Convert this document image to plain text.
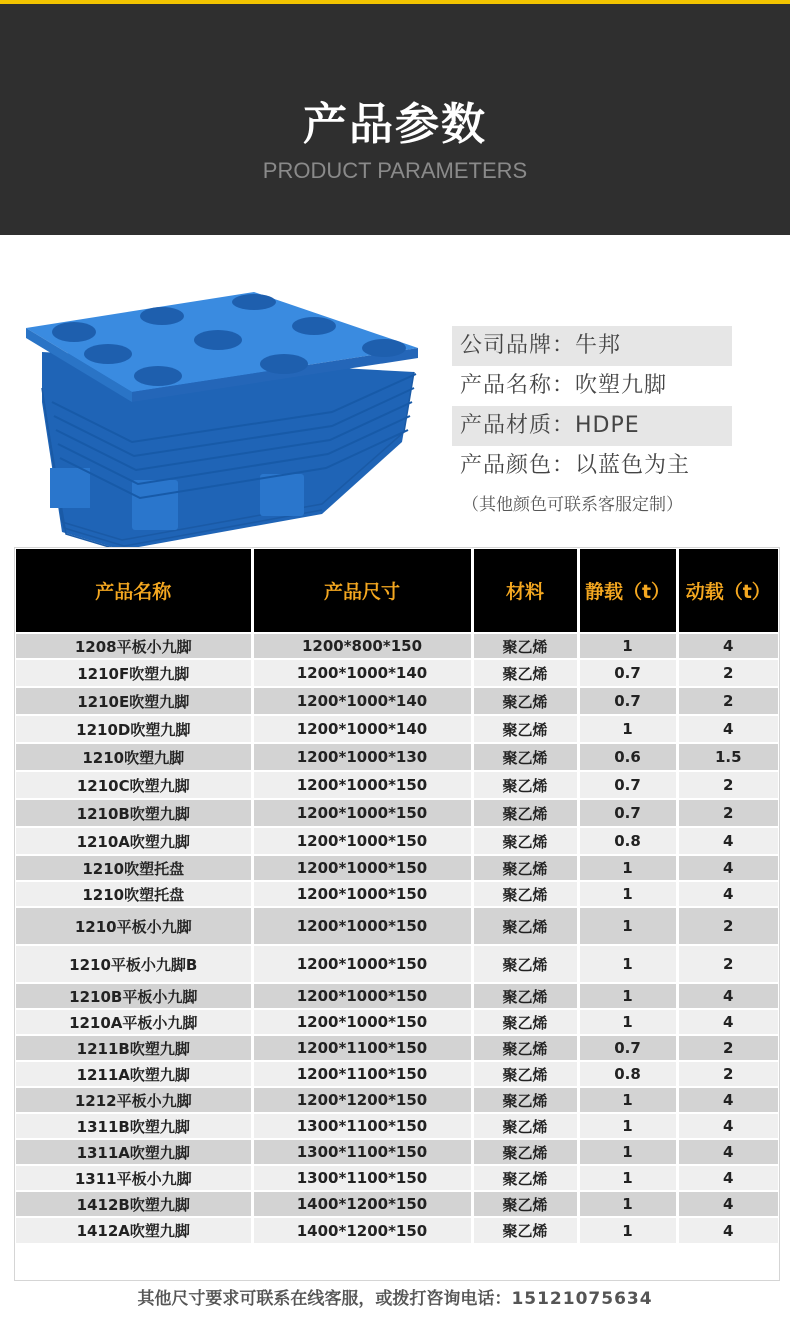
产品参数
PRODUCT PARAMETERS
公司品牌：牛邦
产品名称：吹塑九脚
产品材质：HDPE
产品颜色：以蓝色为主
（其他颜色可联系客服定制）
产品名称	产品尺寸	材料	静载（t）	动载（t）
1208平板小九脚	1200*800*150	聚乙烯	1	4
1210F吹塑九脚	1200*1000*140	聚乙烯	0.7	2
1210E吹塑九脚	1200*1000*140	聚乙烯	0.7	2
1210D吹塑九脚	1200*1000*140	聚乙烯	1	4
1210吹塑九脚	1200*1000*130	聚乙烯	0.6	1.5
1210C吹塑九脚	1200*1000*150	聚乙烯	0.7	2
1210B吹塑九脚	1200*1000*150	聚乙烯	0.7	2
1210A吹塑九脚	1200*1000*150	聚乙烯	0.8	4
1210吹塑托盘	1200*1000*150	聚乙烯	1	4
1210吹塑托盘	1200*1000*150	聚乙烯	1	4
1210平板小九脚	1200*1000*150	聚乙烯	1	2
1210平板小九脚B	1200*1000*150	聚乙烯	1	2
1210B平板小九脚	1200*1000*150	聚乙烯	1	4
1210A平板小九脚	1200*1000*150	聚乙烯	1	4
1211B吹塑九脚	1200*1100*150	聚乙烯	0.7	2
1211A吹塑九脚	1200*1100*150	聚乙烯	0.8	2
1212平板小九脚	1200*1200*150	聚乙烯	1	4
1311B吹塑九脚	1300*1100*150	聚乙烯	1	4
1311A吹塑九脚	1300*1100*150	聚乙烯	1	4
1311平板小九脚	1300*1100*150	聚乙烯	1	4
1412B吹塑九脚	1400*1200*150	聚乙烯	1	4
1412A吹塑九脚	1400*1200*150	聚乙烯	1	4
其他尺寸要求可联系在线客服，或拨打咨询电话：15121075634
